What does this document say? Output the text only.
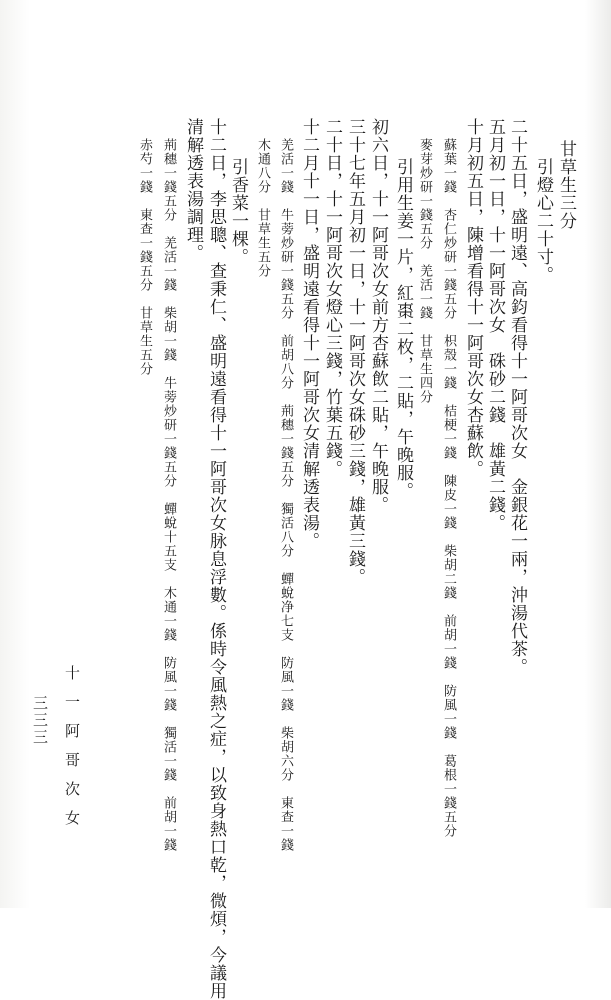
甘草生三分
引燈心二十寸。
二十五日，盛明遠、高鈞看得十一阿哥次女　金銀花一兩，沖湯代茶。
五月初一日，十一阿哥次女　硃砂二錢　雄黃二錢。
十月初五日，陳增看得十一阿哥次女杏蘇飲。
蘇葉一錢　杏仁炒研一錢五分　枳殼一錢　桔梗一錢　陳皮一錢　柴胡二錢　前胡一錢　防風一錢　葛根一錢五分
麥芽炒研一錢五分　羌活一錢　甘草生四分
引用生姜一片，紅棗二枚，二貼，午晚服。
初六日，十一阿哥次女前方杏蘇飲二貼，午晚服。
三十七年五月初一日，十一阿哥次女硃砂三錢，雄黃三錢。
二十日，十一阿哥次女燈心三錢，竹葉五錢。
十二月十一日，盛明遠看得十一阿哥次女清解透表湯。
羌活一錢　牛蒡炒研一錢五分　前胡八分　荊穗一錢五分　獨活八分　蟬蛻净七支　防風一錢　柴胡六分　東查一錢
木通八分　甘草生五分
引香菜一棵。
十二日，李思聰、查秉仁、盛明遠看得十一阿哥次女脉息浮數。係時令風熱之症，以致身熱口乾，微煩，今議用
清解透表湯調理。
荊穗一錢五分　羌活一錢　柴胡一錢　牛蒡炒研一錢五分　蟬蛻十五支　木通一錢　防風一錢　獨活一錢　前胡一錢
赤芍一錢　東查一錢五分　甘草生五分
十一阿哥次女
三三三
